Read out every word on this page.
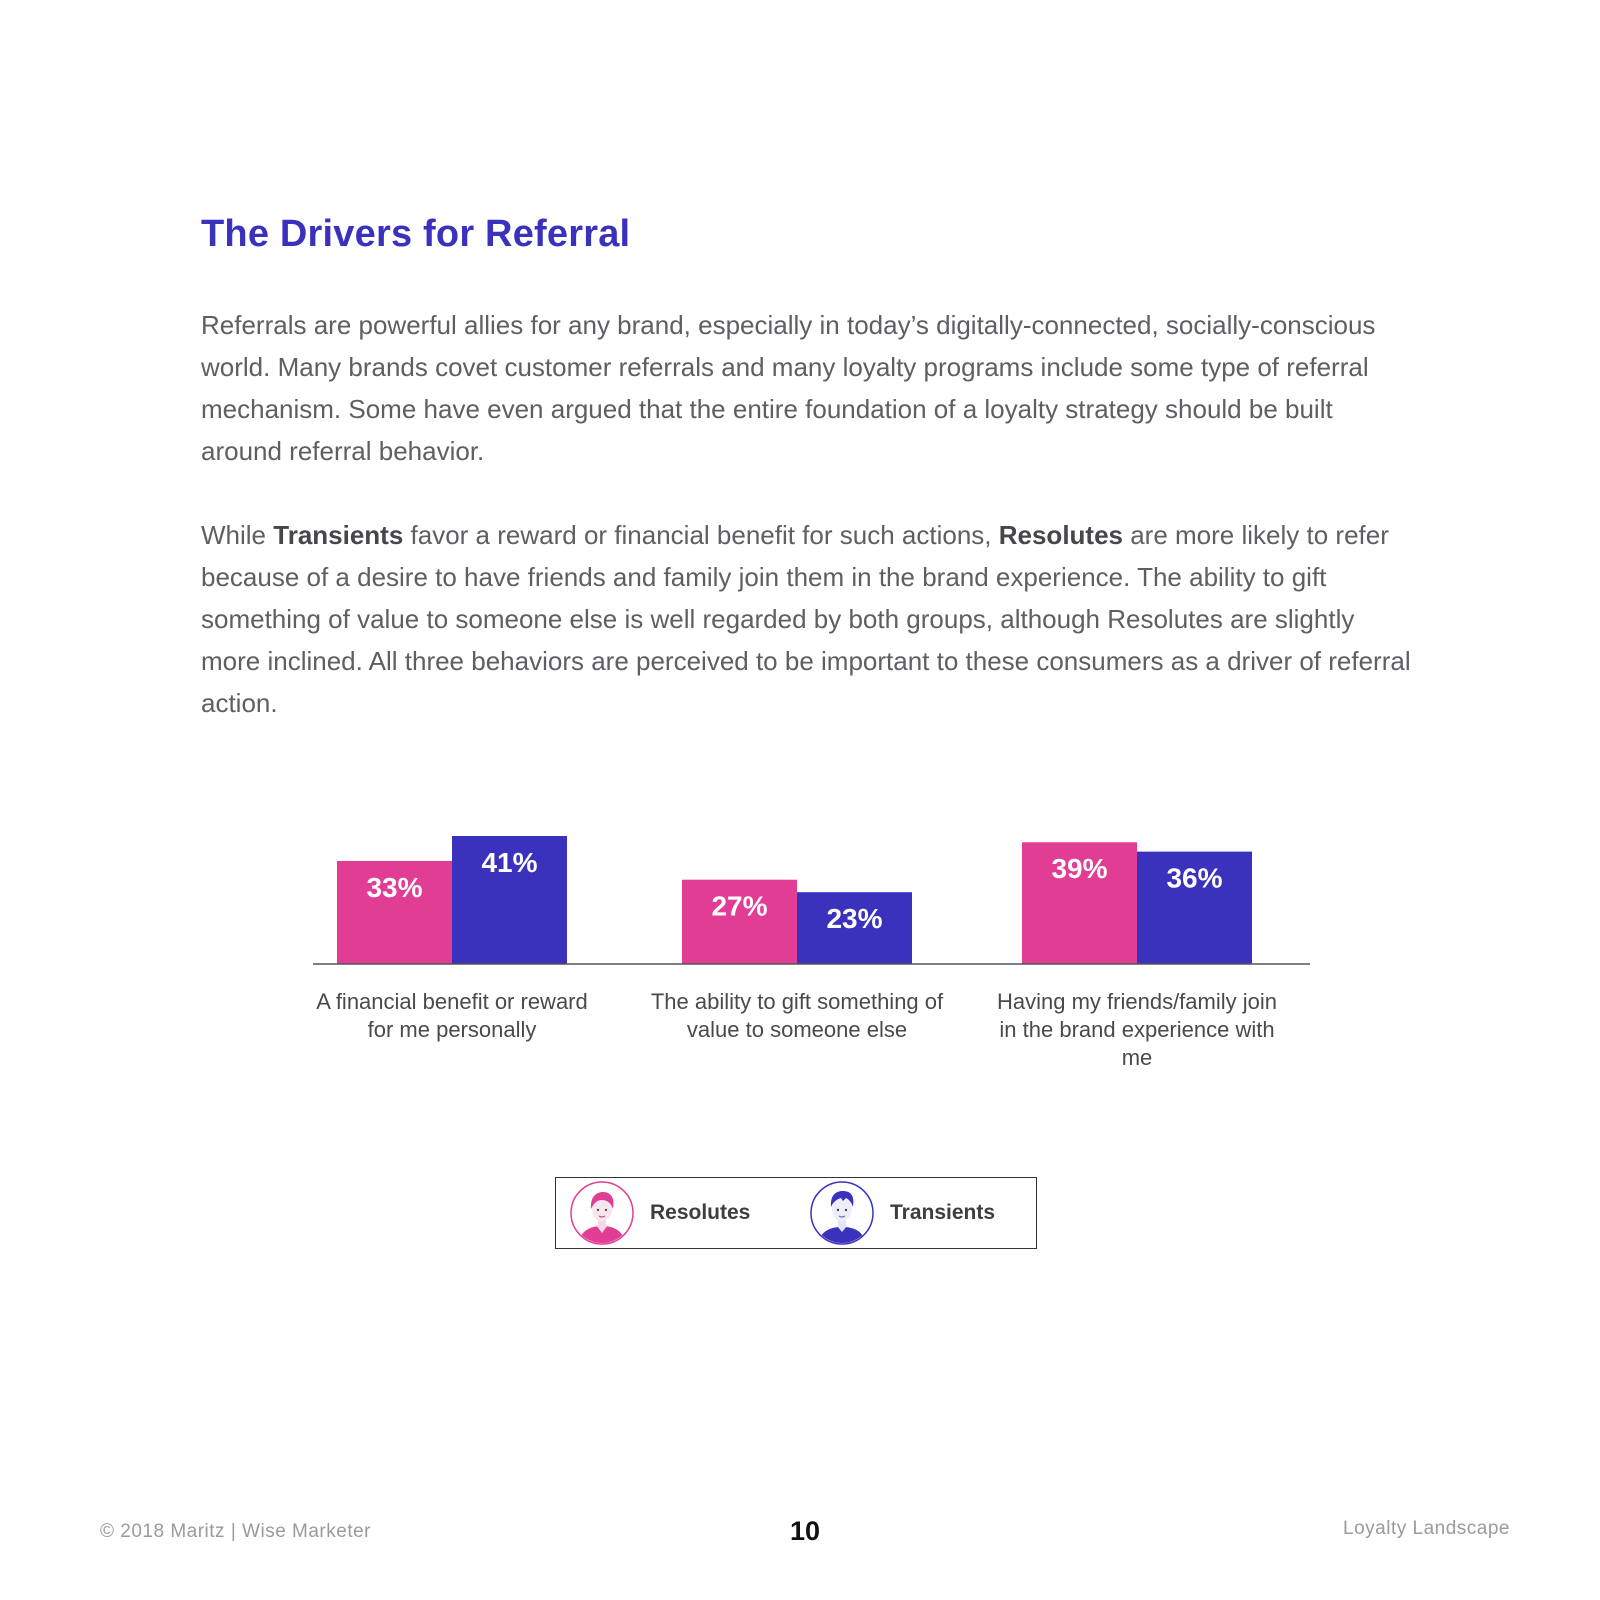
The Drivers for Referral

Referrals are powerful allies for any brand, especially in today’s digitally-connected, socially-conscious world. Many brands covet customer referrals and many loyalty programs include some type of referral mechanism. Some have even argued that the entire foundation of a loyalty strategy should be built around referral behavior.

While Transients favor a reward or financial benefit for such actions, Resolutes are more likely to refer because of a desire to have friends and family join them in the brand experience. The ability to gift something of value to someone else is well regarded by both groups, although Resolutes are slightly more inclined. All three behaviors are perceived to be important to these consumers as a driver of referral action.

33%
41%
27% 23%
39% 36%

A financial benefit or reward for me personally

The ability to gift something of value to someone else

Having my friends/family join in the brand experience with me

Resolutes	Transients
© 2018 Maritz | Wise Marketer	10	Loyalty Landscape
